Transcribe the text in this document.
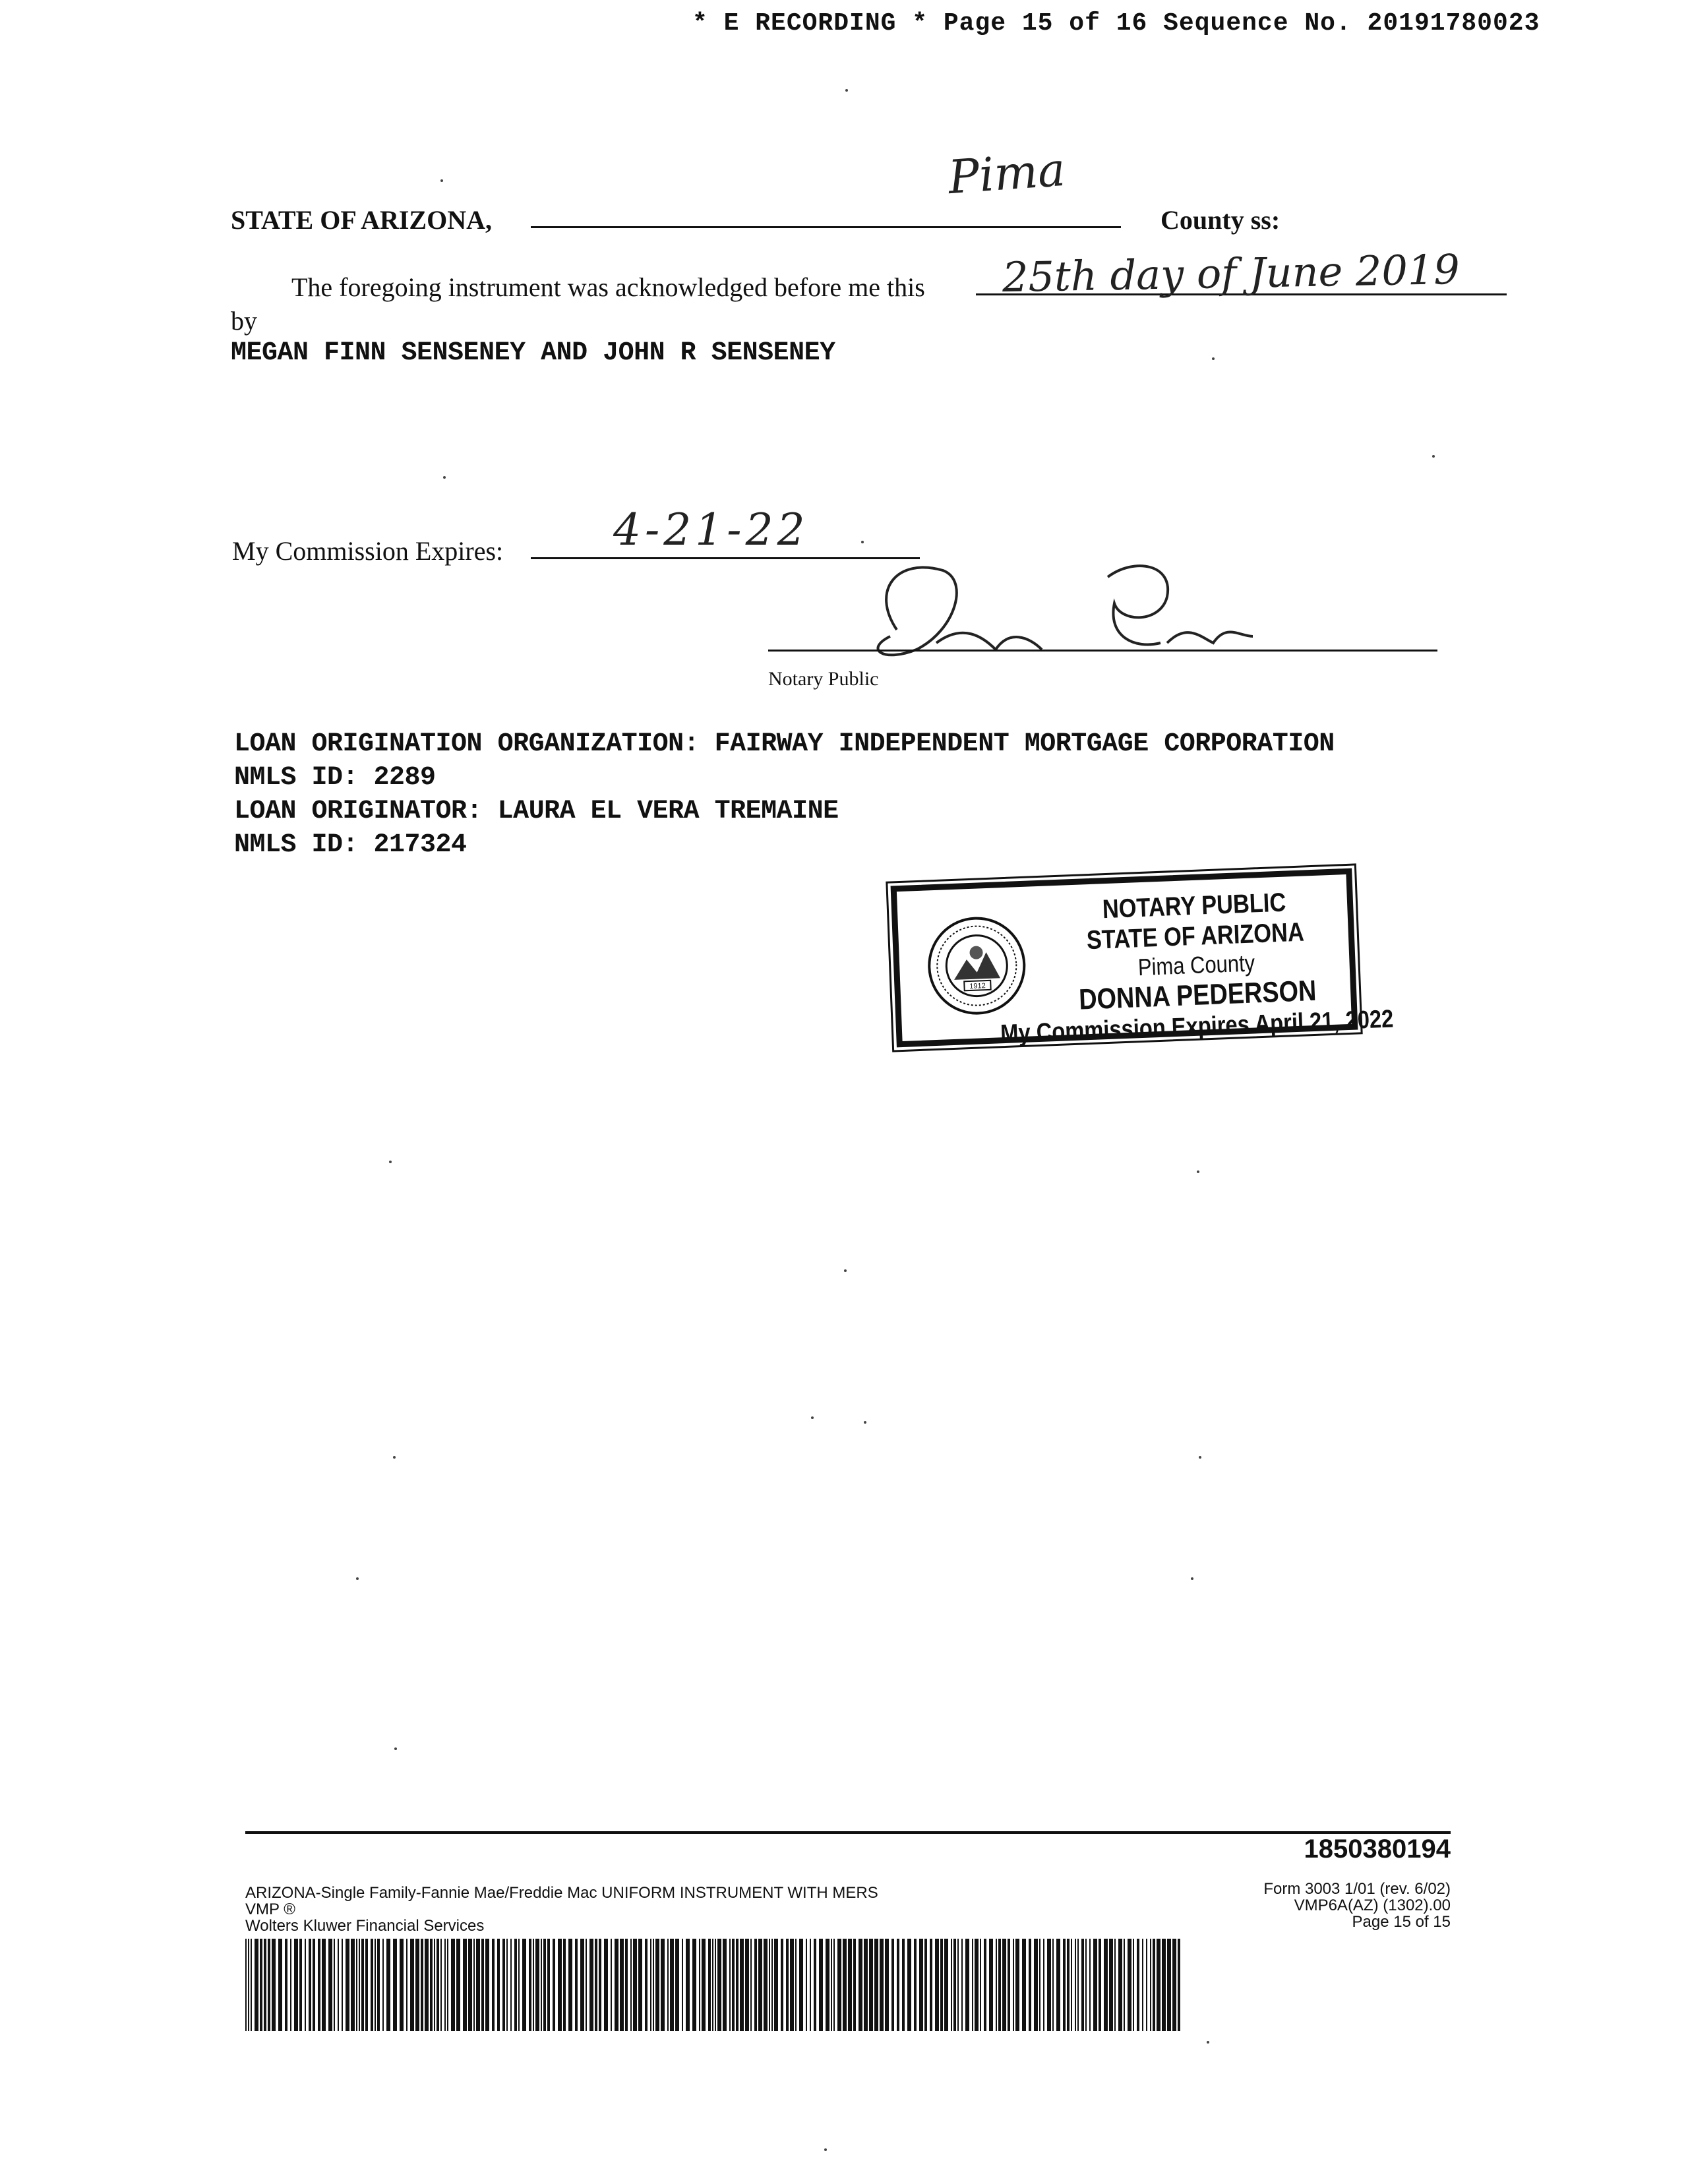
* E RECORDING * Page 15 of 16 Sequence No. 20191780023
STATE OF ARIZONA,
Pima
County ss:
The foregoing instrument was acknowledged before me this 25th day of June 2019
by
MEGAN FINN SENSENEY AND JOHN R SENSENEY
My Commission Expires:	4-21-22
Notary Public
LOAN ORIGINATION ORGANIZATION: FAIRWAY INDEPENDENT MORTGAGE CORPORATION
NMLS ID: 2289
LOAN ORIGINATOR: LAURA EL VERA TREMAINE
NMLS ID: 217324
1912
NOTARY PUBLIC
STATE OF ARIZONA
Pima County
DONNA PEDERSON
My Commission Expires April 21, 2022
1850380194
ARIZONA-Single Family-Fannie Mae/Freddie Mac UNIFORM INSTRUMENT WITH MERS
VMP ®
Wolters Kluwer Financial Services
Form 3003 1/01 (rev. 6/02)
VMP6A(AZ) (1302).00
Page 15 of 15
